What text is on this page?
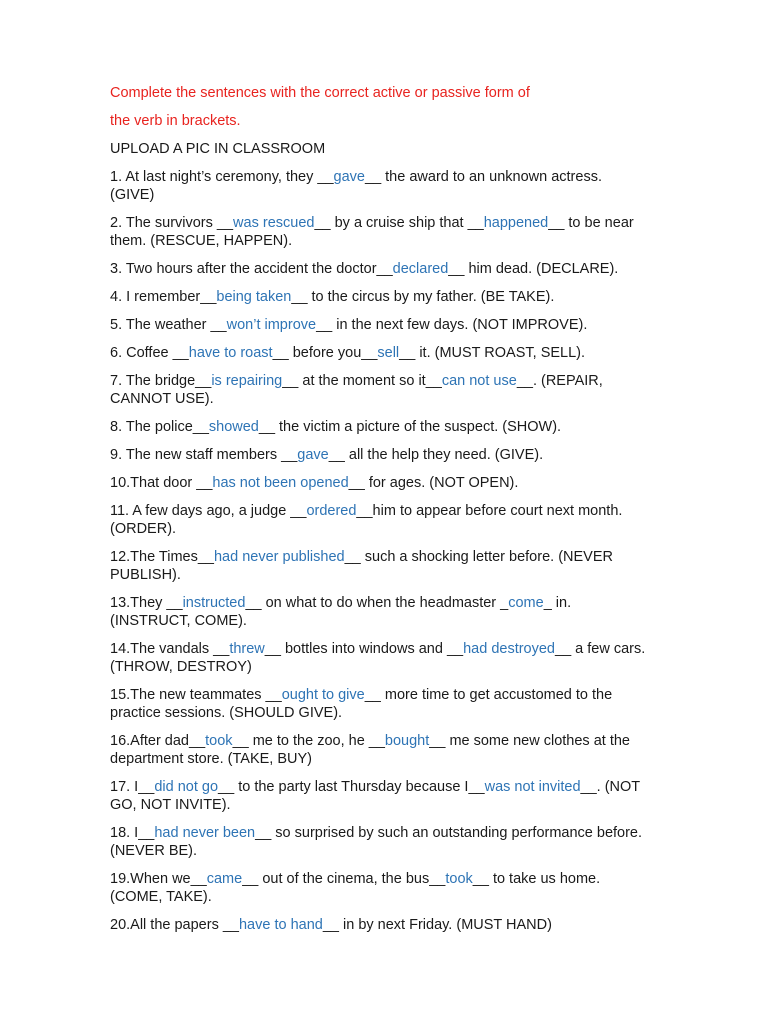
Complete the sentences with the correct active or passive form of

the verb in brackets.

UPLOAD A PIC IN CLASSROOM

1. At last night’s ceremony, they __gave__ the award to an unknown actress. (GIVE)

2. The survivors __was rescued__ by a cruise ship that __happened__ to be near them. (RESCUE, HAPPEN).

3. Two hours after the accident the doctor__declared__ him dead. (DECLARE).

4. I remember__being taken__ to the circus by my father. (BE TAKE).

5. The weather __won’t improve__ in the next few days. (NOT IMPROVE).

6. Coffee __have to roast__ before you__sell__ it. (MUST ROAST, SELL).

7. The bridge__is repairing__ at the moment so it__can not use__. (REPAIR, CANNOT USE).

8. The police__showed__ the victim a picture of the suspect. (SHOW).

9. The new staff members __gave__ all the help they need. (GIVE).

10.That door __has not been opened__ for ages. (NOT OPEN).

11. A few days ago, a judge __ordered__him to appear before court next month. (ORDER).

12.The Times__had never published__ such a shocking letter before. (NEVER PUBLISH).

13.They __instructed__ on what to do when the headmaster _come_ in. (INSTRUCT, COME).

14.The vandals __threw__ bottles into windows and __had destroyed__ a few cars. (THROW, DESTROY)

15.The new teammates __ought to give__ more time to get accustomed to the practice sessions. (SHOULD GIVE).

16.After dad__took__ me to the zoo, he __bought__ me some new clothes at the department store. (TAKE, BUY)

17. I__did not go__ to the party last Thursday because I__was not invited__. (NOT GO, NOT INVITE).

18. I__had never been__ so surprised by such an outstanding performance before. (NEVER BE).

19.When we__came__ out of the cinema, the bus__took__ to take us home. (COME, TAKE).

20.All the papers __have to hand__ in by next Friday. (MUST HAND)
